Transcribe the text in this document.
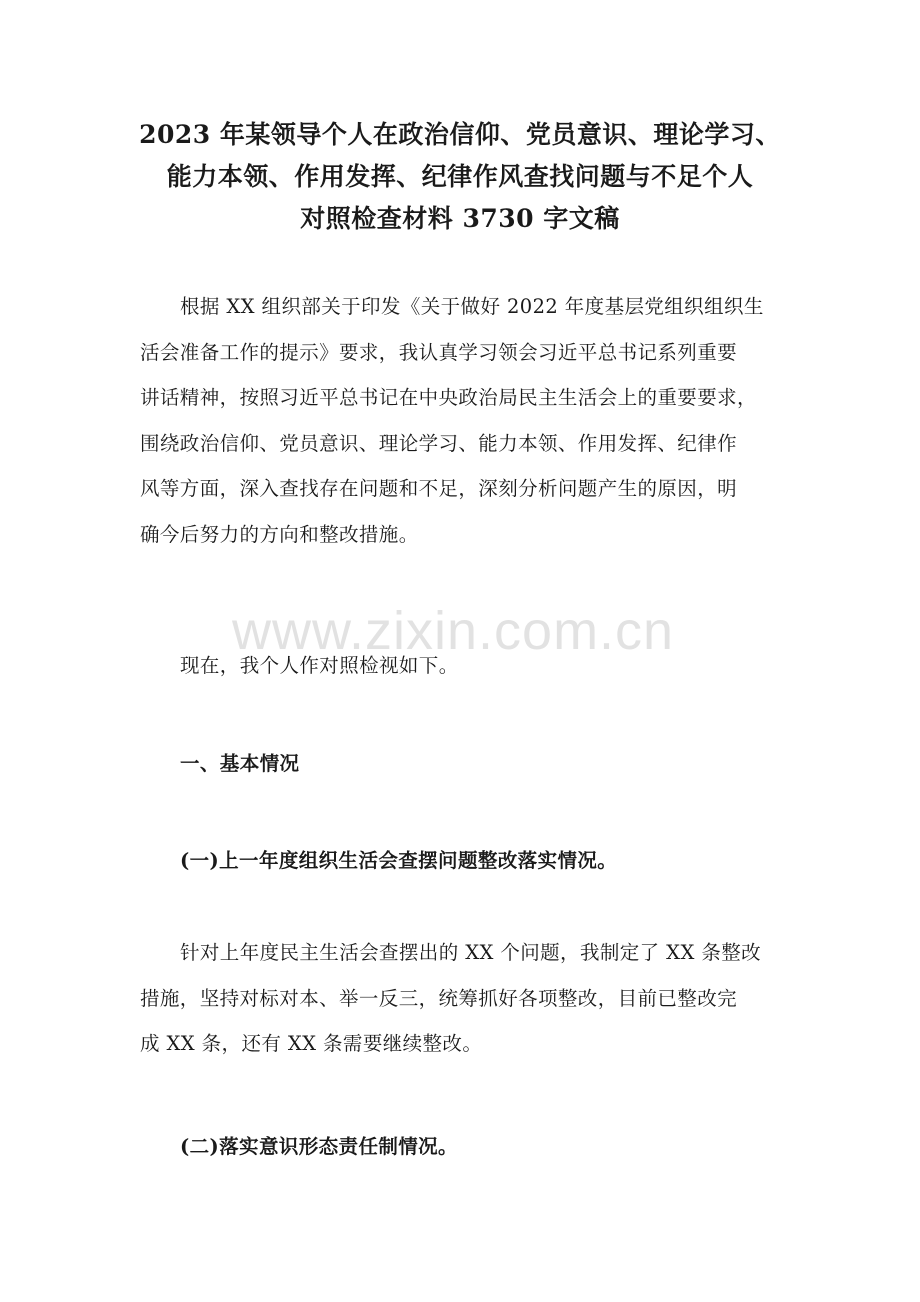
2023 年某领导个人在政治信仰、党员意识、理论学习、
能力本领、作用发挥、纪律作风查找问题与不足个人
对照检查材料 3730 字文稿
根据 XX 组织部关于印发《关于做好 2022 年度基层党组织组织生
活会准备工作的提示》要求，我认真学习领会习近平总书记系列重要
讲话精神，按照习近平总书记在中央政治局民主生活会上的重要要求，
围绕政治信仰、党员意识、理论学习、能力本领、作用发挥、纪律作
风等方面，深入查找存在问题和不足，深刻分析问题产生的原因，明
确今后努力的方向和整改措施。
www.zixin.com.cn
现在，我个人作对照检视如下。
一、基本情况
(一)上一年度组织生活会查摆问题整改落实情况。
针对上年度民主生活会查摆出的 XX 个问题，我制定了 XX 条整改
措施，坚持对标对本、举一反三，统筹抓好各项整改，目前已整改完
成 XX 条，还有 XX 条需要继续整改。
(二)落实意识形态责任制情况。
